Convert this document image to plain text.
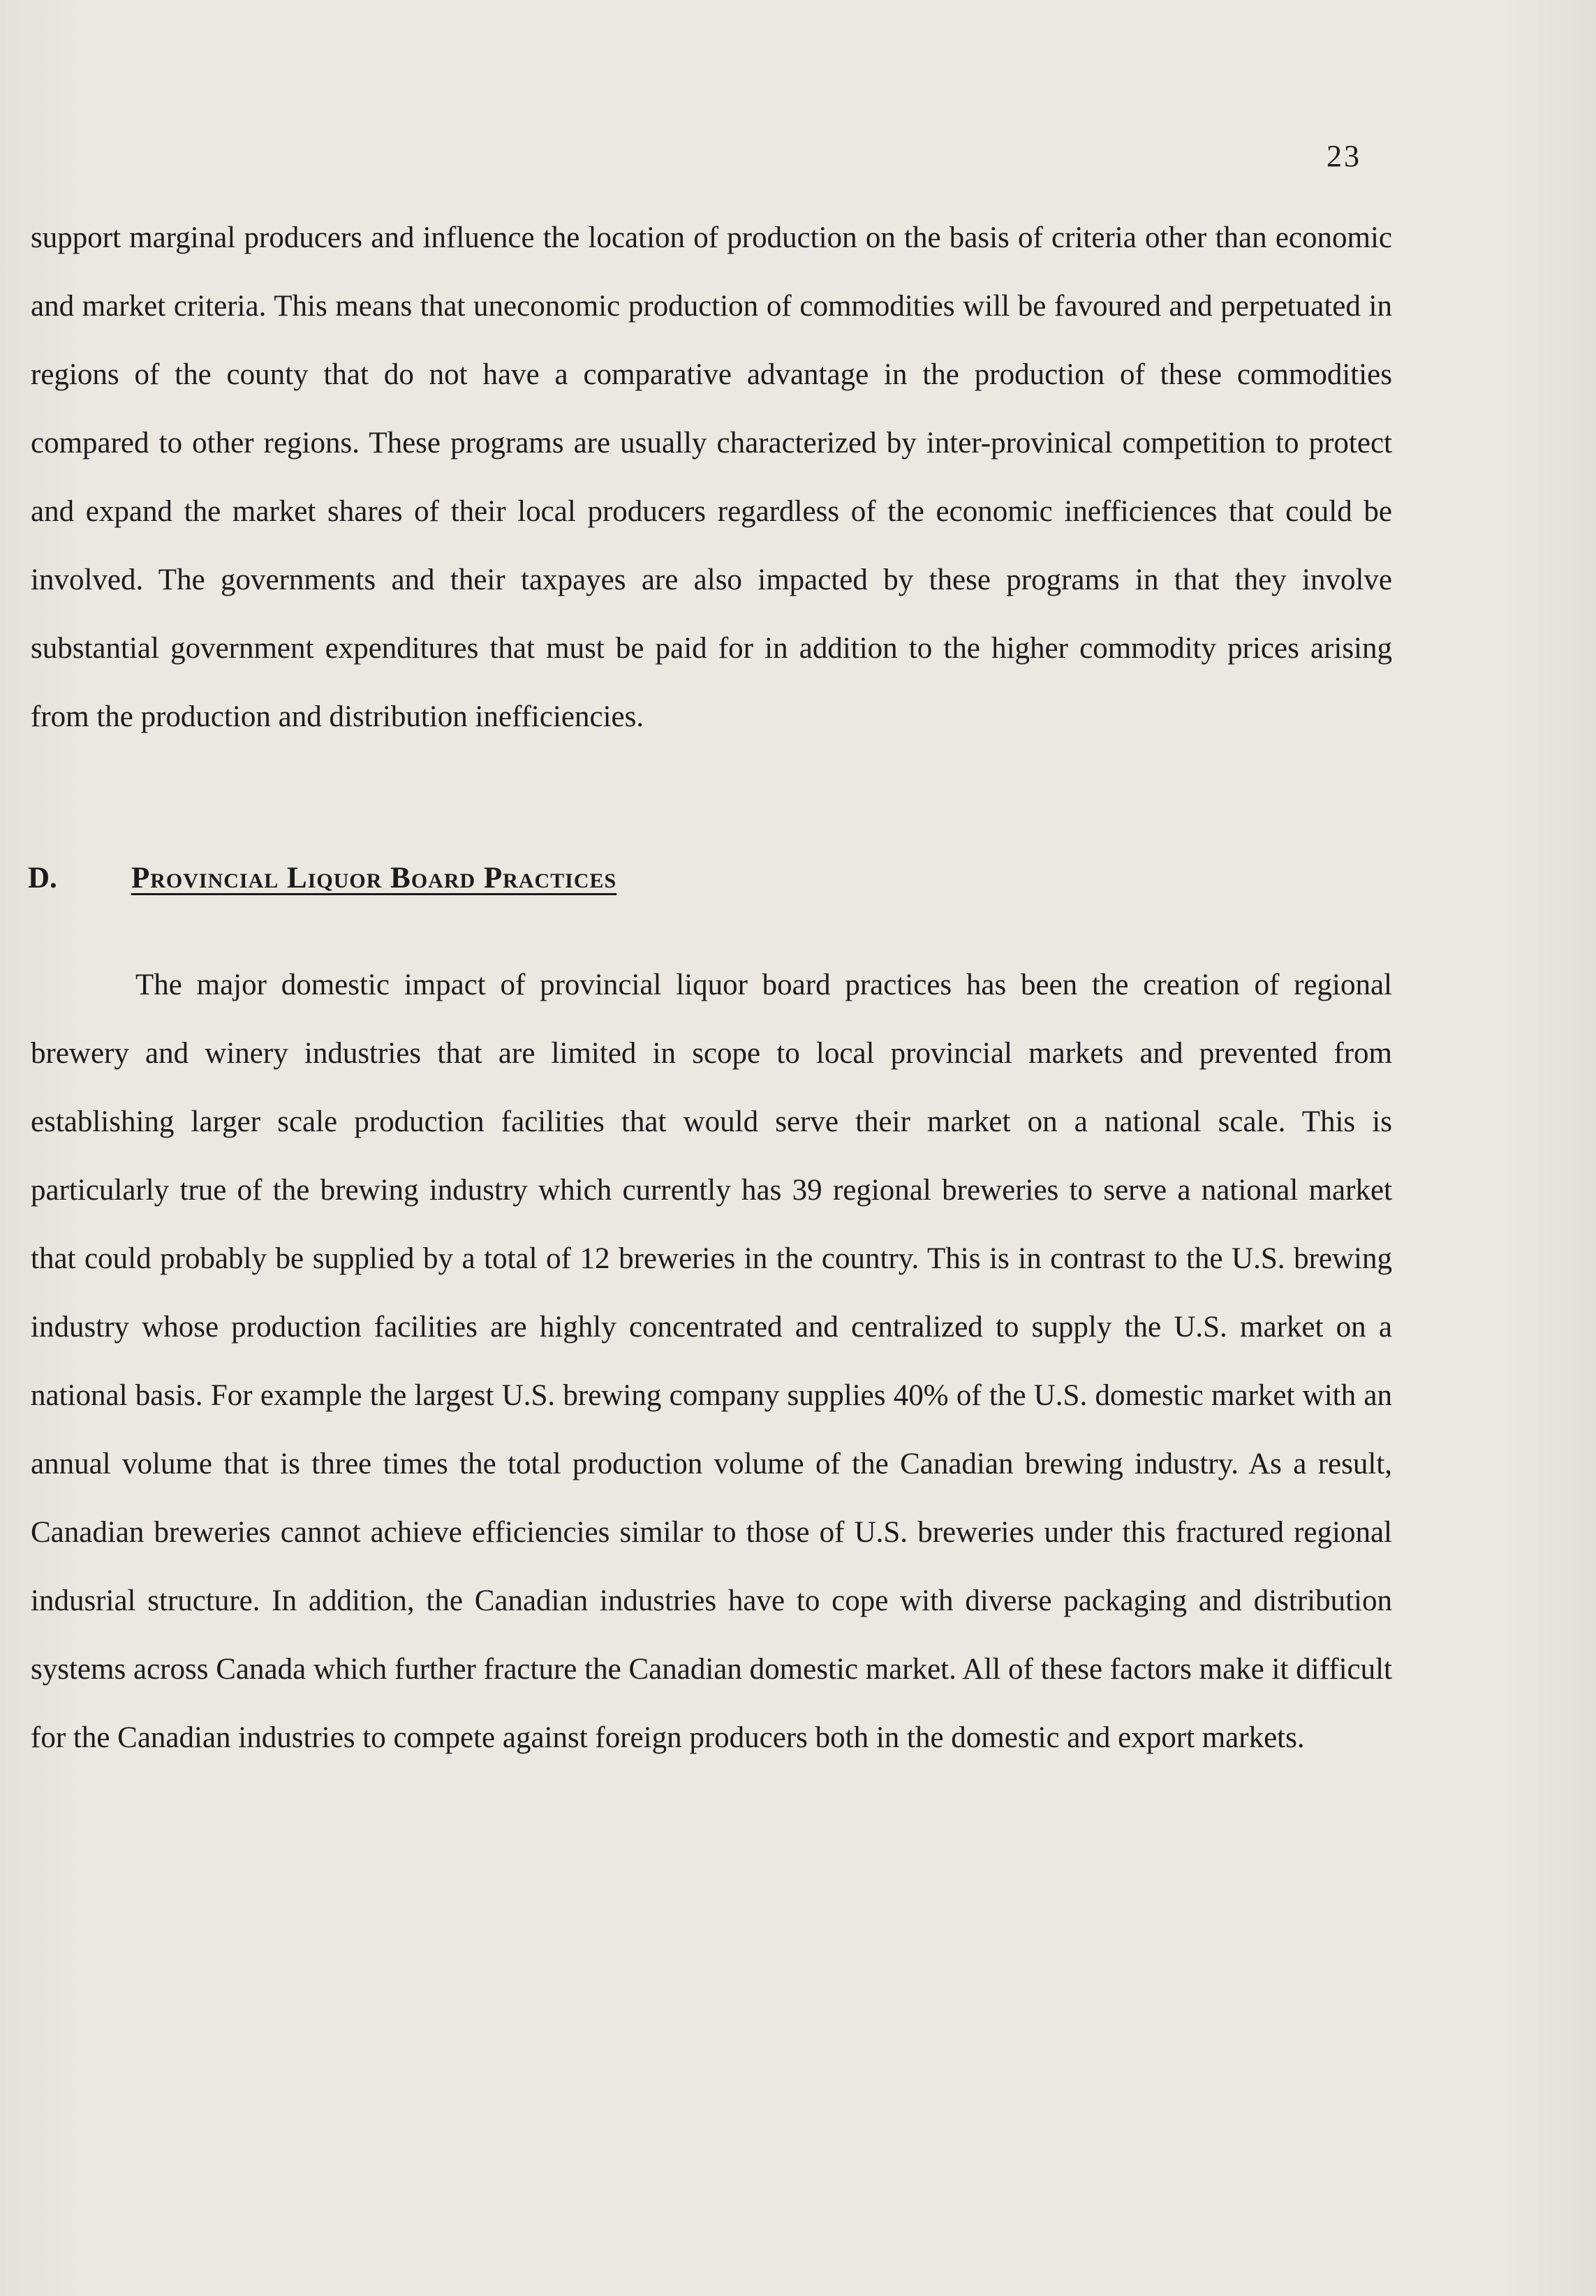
23

support marginal producers and influence the location of production on the basis of criteria other than economic and market criteria. This means that uneconomic production of commodities will be favoured and perpetuated in regions of the county that do not have a comparative advantage in the production of these commodities compared to other regions. These programs are usually characterized by inter-provinical competition to protect and expand the market shares of their local producers regardless of the economic inefficiences that could be involved. The governments and their taxpayes are also impacted by these programs in that they involve substantial government expenditures that must be paid for in addition to the higher commodity prices arising from the production and distribution inefficiencies.

D. Provincial Liquor Board Practices

The major domestic impact of provincial liquor board practices has been the creation of regional brewery and winery industries that are limited in scope to local provincial markets and prevented from establishing larger scale production facilities that would serve their market on a national scale. This is particularly true of the brewing industry which currently has 39 regional breweries to serve a national market that could probably be supplied by a total of 12 breweries in the country. This is in contrast to the U.S. brewing industry whose production facilities are highly concentrated and centralized to supply the U.S. market on a national basis. For example the largest U.S. brewing company supplies 40% of the U.S. domestic market with an annual volume that is three times the total production volume of the Canadian brewing industry. As a result, Canadian breweries cannot achieve efficiencies similar to those of U.S. breweries under this fractured regional indusrial structure. In addition, the Canadian industries have to cope with diverse packaging and distribution systems across Canada which further fracture the Canadian domestic market. All of these factors make it difficult for the Canadian industries to compete against foreign producers both in the domestic and export markets.
